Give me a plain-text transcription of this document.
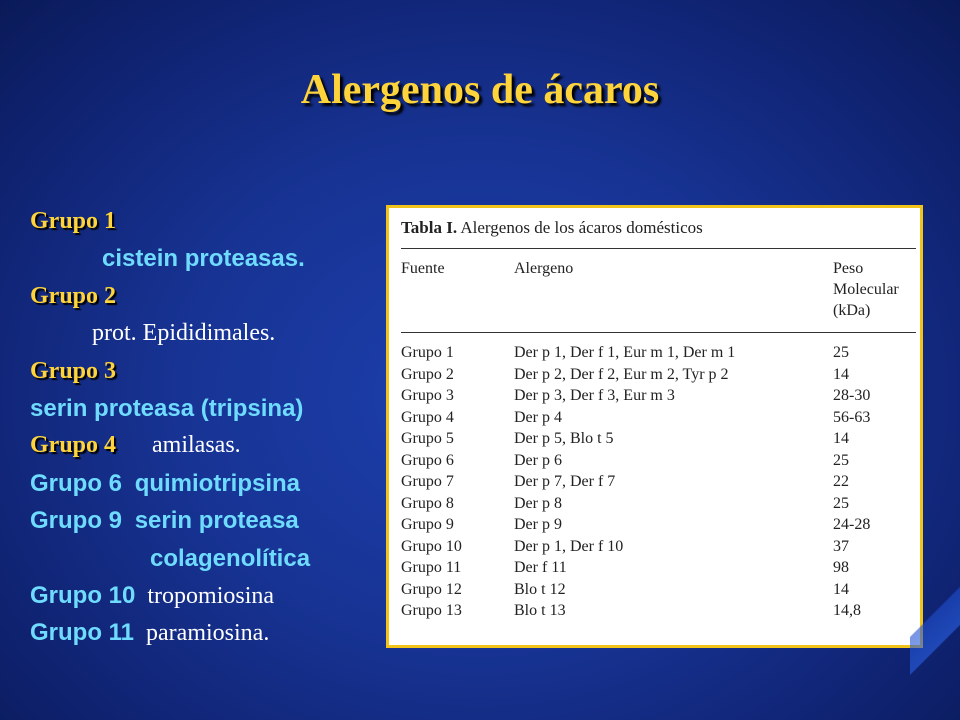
Alergenos de ácaros
Grupo 1
cistein proteasas.
Grupo 2
prot. Epididimales.
Grupo 3
serin proteasa (tripsina)
Grupo 4 amilasas.
Grupo 6 quimiotripsina
Grupo 9 serin proteasa
colagenolítica
Grupo 10 tropomiosina
Grupo 11 paramiosina.
Tabla I. Alergenos de los ácaros domésticos
Fuente	Alergeno	Peso
Molecular
(kDa)
Grupo 1	Der p 1, Der f 1, Eur m 1, Der m 1	25
Grupo 2	Der p 2, Der f 2, Eur m 2, Tyr p 2	14
Grupo 3	Der p 3, Der f 3, Eur m 3	28-30
Grupo 4	Der p 4	56-63
Grupo 5	Der p 5, Blo t 5	14
Grupo 6	Der p 6	25
Grupo 7	Der p 7, Der f 7	22
Grupo 8	Der p 8	25
Grupo 9	Der p 9	24-28
Grupo 10	Der p 1, Der f 10	37
Grupo 11	Der f 11	98
Grupo 12	Blo t 12	14
Grupo 13	Blo t 13	14,8
